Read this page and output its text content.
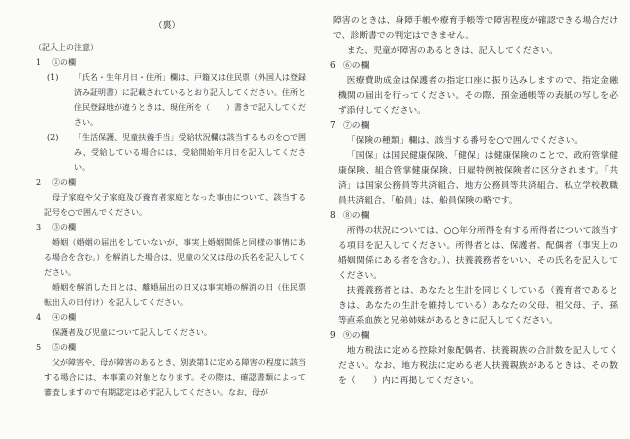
（裏）
（記入上の注意）
1 ①の欄
(1) 「氏名・生年月日・住所」欄は、戸籍又は住民票（外国人は登録済み証明書）に記載されているとおり記入してください。住所と住民登録地が違うときは、現住所を（　　）書きで記入してください。
(2) 「生活保護、児童扶養手当」受給状況欄は該当するものを○で囲み、受給している場合には、受給開始年月日を記入してください。
2 ②の欄
母子家庭や父子家庭及び養育者家庭となった事由について、該当する記号を○で囲んでください。
3 ③の欄
婚姻（婚姻の届出をしていないが、事実上婚姻関係と同様の事情にある場合を含む。）を解消した場合は、児童の父又は母の氏名を記入してください。
婚姻を解消した日とは、離婚届出の日又は事実婚の解消の日（住民票転出入の日付け）を記入してください。
4 ④の欄
保護者及び児童について記入してください。
5 ⑤の欄
父が障害や、母が障害のあるとき、別表第1に定める障害の程度に該当する場合には、本事業の対象となります。その際は、確認書類によって審査しますので有期認定は必ず記入してください。なお、母が
障害のときは、身障手帳や療育手帳等で障害程度が確認できる場合だけで、診断書での判定はできません。
また、児童が障害のあるときは、記入してください。
6 ⑥の欄
医療費助成金は保護者の指定口座に振り込みしますので、指定金融機関の届出を行ってください。その際、預金通帳等の表紙の写しを必ず添付してください。
7 ⑦の欄
「保険の種類」欄は、該当する番号を○で囲んでください。
「国保」は国民健康保険、「健保」は健康保険のことで、政府管掌健康保険、組合管掌健康保険、日雇特例被保険者に区分されます。「共済」は国家公務員等共済組合、地方公務員等共済組合、私立学校教職員共済組合、「船員」は、船員保険の略です。
8 ⑧の欄
所得の状況については、○○年分所得を有する所得者について該当する項目を記入してください。所得者とは、保護者、配偶者（事実上の婚姻関係にある者を含む。）、扶養義務者をいい、その氏名を記入してください。
扶養義務者とは、あなたと生計を同じくしている（養育者であるときは、あなたの生計を維持している）あなたの父母、祖父母、子、孫等直系血族と兄弟姉妹があるときに記入してください。
9 ⑨の欄
地方税法に定める控除対象配偶者、扶養親族の合計数を記入してください。なお、地方税法に定める老人扶養親族があるときは、その数を（　　）内に再掲してください。
